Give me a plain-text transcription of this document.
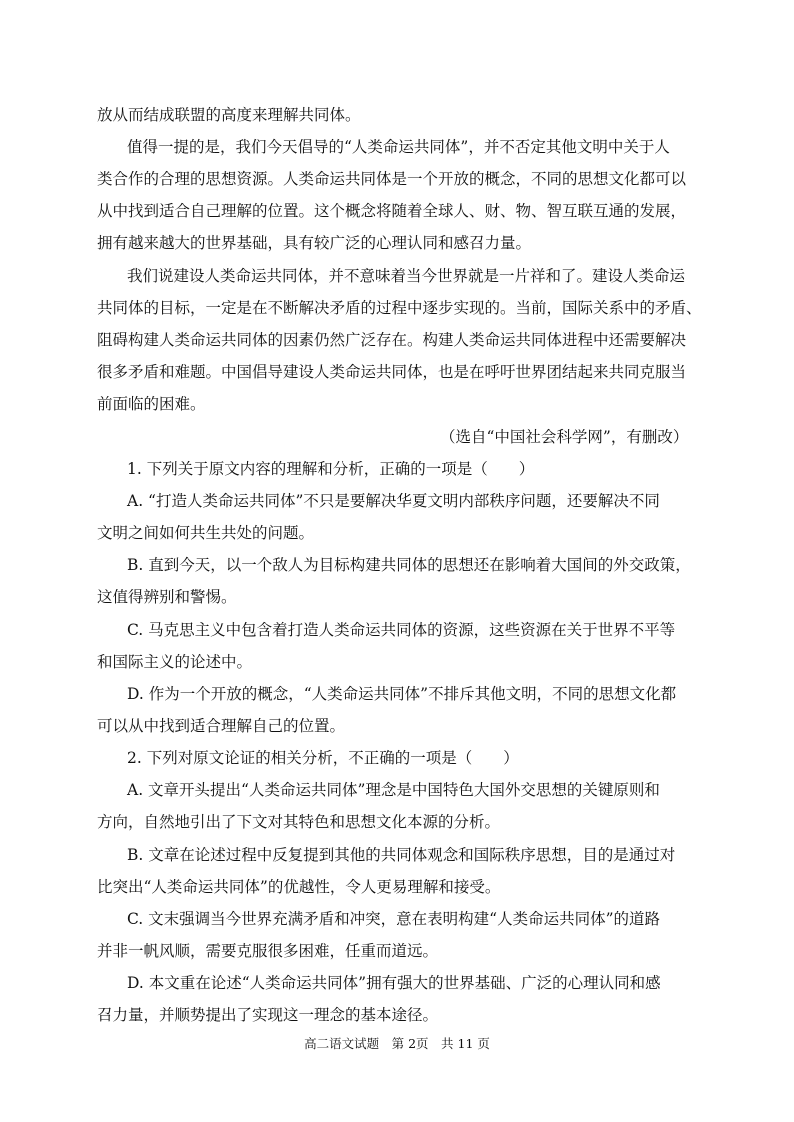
放从而结成联盟的高度来理解共同体。
值得一提的是，我们今天倡导的“人类命运共同体”，并不否定其他文明中关于人
类合作的合理的思想资源。人类命运共同体是一个开放的概念，不同的思想文化都可以
从中找到适合自己理解的位置。这个概念将随着全球人、财、物、智互联互通的发展，
拥有越来越大的世界基础，具有较广泛的心理认同和感召力量。
我们说建设人类命运共同体，并不意味着当今世界就是一片祥和了。建设人类命运
共同体的目标，一定是在不断解决矛盾的过程中逐步实现的。当前，国际关系中的矛盾、
阻碍构建人类命运共同体的因素仍然广泛存在。构建人类命运共同体进程中还需要解决
很多矛盾和难题。中国倡导建设人类命运共同体，也是在呼吁世界团结起来共同克服当
前面临的困难。
（选自“中国社会科学网”，有删改）
1. 下列关于原文内容的理解和分析，正确的一项是（　　）
A. “打造人类命运共同体”不只是要解决华夏文明内部秩序问题，还要解决不同
文明之间如何共生共处的问题。
B. 直到今天，以一个敌人为目标构建共同体的思想还在影响着大国间的外交政策，
这值得辨别和警惕。
C. 马克思主义中包含着打造人类命运共同体的资源，这些资源在关于世界不平等
和国际主义的论述中。
D. 作为一个开放的概念，“人类命运共同体”不排斥其他文明，不同的思想文化都
可以从中找到适合理解自己的位置。
2. 下列对原文论证的相关分析，不正确的一项是（　　）
A. 文章开头提出“人类命运共同体”理念是中国特色大国外交思想的关键原则和
方向，自然地引出了下文对其特色和思想文化本源的分析。
B. 文章在论述过程中反复提到其他的共同体观念和国际秩序思想，目的是通过对
比突出“人类命运共同体”的优越性，令人更易理解和接受。
C. 文末强调当今世界充满矛盾和冲突，意在表明构建“人类命运共同体”的道路
并非一帆风顺，需要克服很多困难，任重而道远。
D. 本文重在论述“人类命运共同体”拥有强大的世界基础、广泛的心理认同和感
召力量，并顺势提出了实现这一理念的基本途径。
高二语文试题　第 2页　共 11 页
